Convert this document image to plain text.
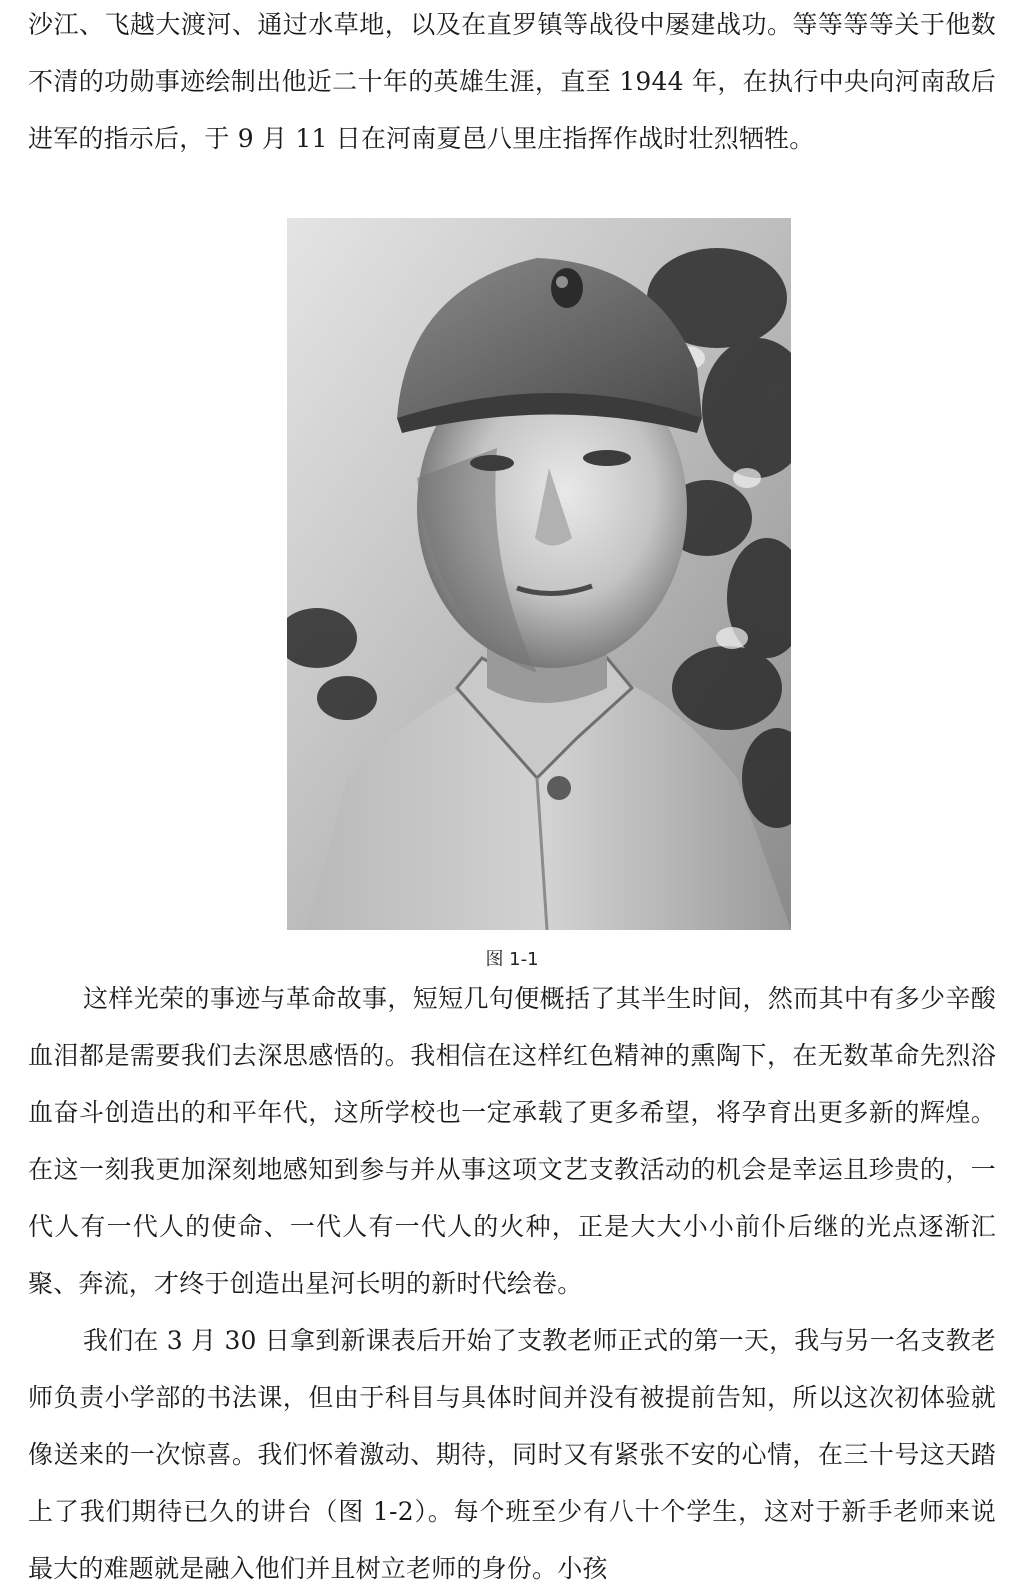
沙江、飞越大渡河、通过水草地，以及在直罗镇等战役中屡建战功。等等等等关于他数不清的功勋事迹绘制出他近二十年的英雄生涯，直至 1944 年，在执行中央向河南敌后进军的指示后，于 9 月 11 日在河南夏邑八里庄指挥作战时壮烈牺牲。

图 1-1

这样光荣的事迹与革命故事，短短几句便概括了其半生时间，然而其中有多少辛酸血泪都是需要我们去深思感悟的。我相信在这样红色精神的熏陶下，在无数革命先烈浴血奋斗创造出的和平年代，这所学校也一定承载了更多希望，将孕育出更多新的辉煌。在这一刻我更加深刻地感知到参与并从事这项文艺支教活动的机会是幸运且珍贵的，一代人有一代人的使命、一代人有一代人的火种，正是大大小小前仆后继的光点逐渐汇聚、奔流，才终于创造出星河长明的新时代绘卷。

我们在 3 月 30 日拿到新课表后开始了支教老师正式的第一天，我与另一名支教老师负责小学部的书法课，但由于科目与具体时间并没有被提前告知，所以这次初体验就像送来的一次惊喜。我们怀着激动、期待，同时又有紧张不安的心情，在三十号这天踏上了我们期待已久的讲台（图 1-2）。每个班至少有八十个学生，这对于新手老师来说最大的难题就是融入他们并且树立老师的身份。小孩
